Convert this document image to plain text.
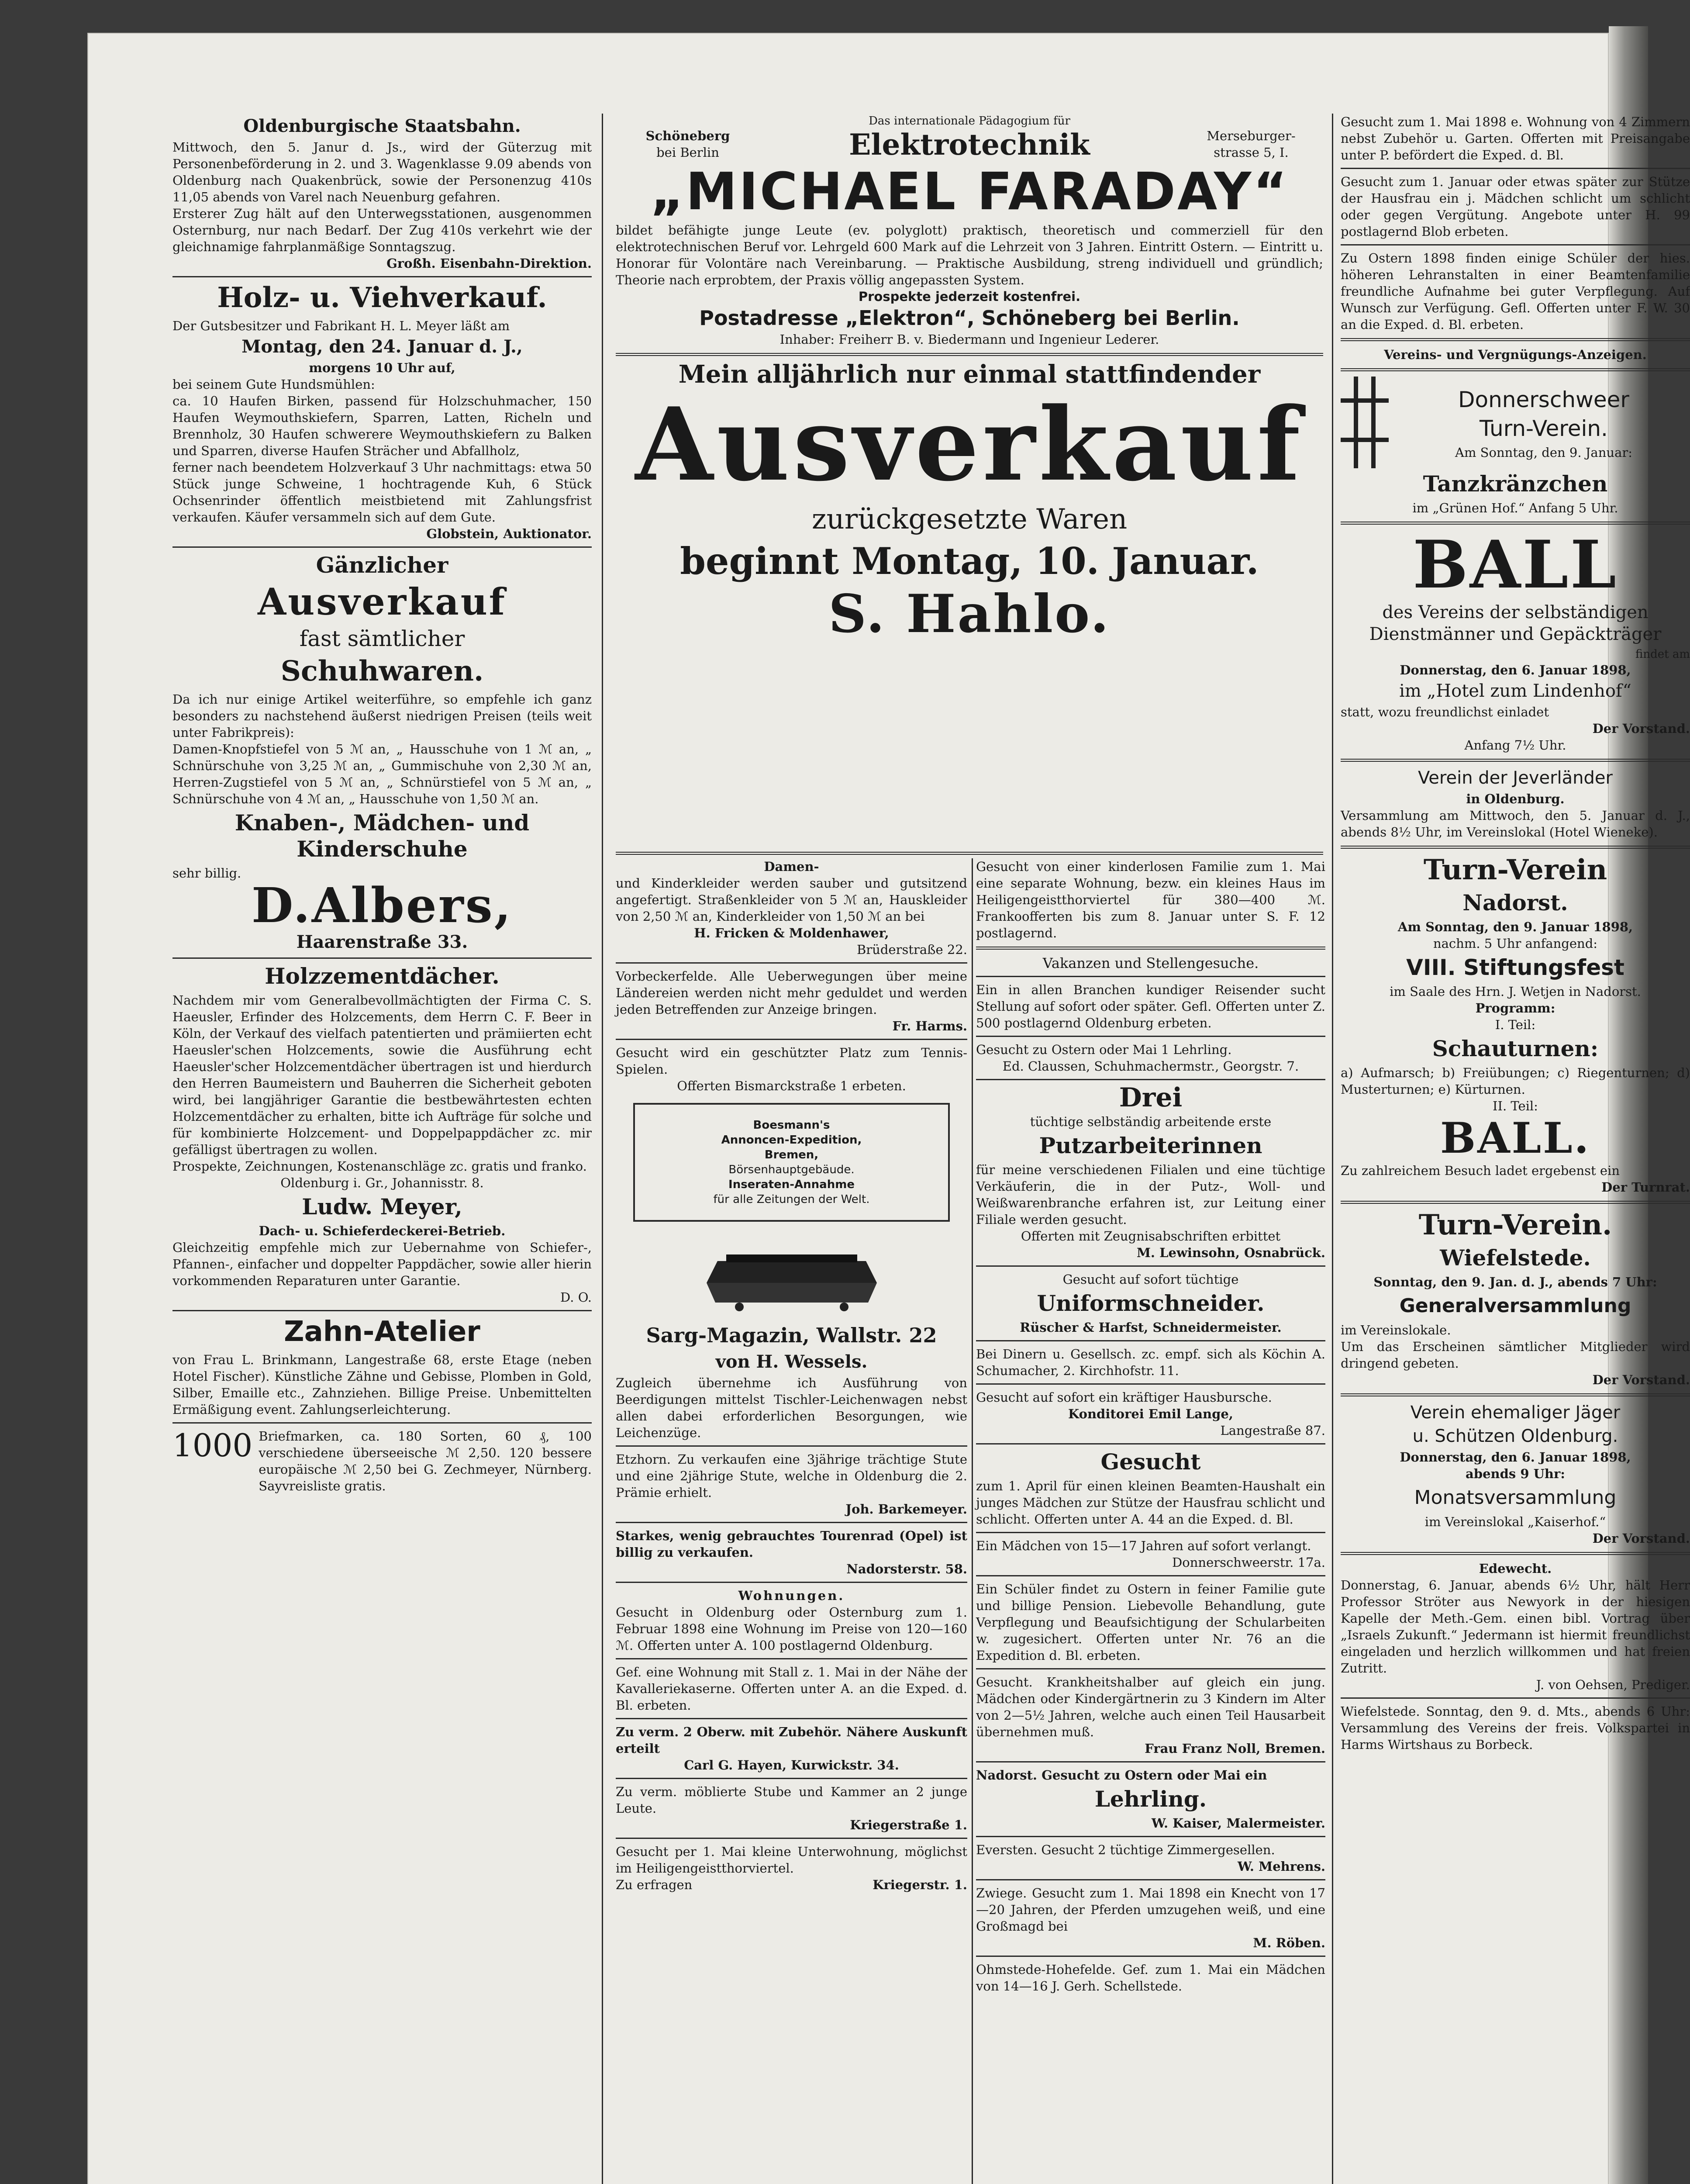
Oldenburgische Staatsbahn.

Mittwoch, den 5. Janur d. Js., wird der Güterzug mit Personenbeförderung in 2. und 3. Wagenklasse 9.09 abends von Oldenburg nach Quakenbrück, sowie der Personenzug 410s 11,05 abends von Varel nach Neuenburg gefahren.

Ersterer Zug hält auf den Unterwegsstationen, ausgenommen Osternburg, nur nach Bedarf. Der Zug 410s verkehrt wie der gleichnamige fahrplanmäßige Sonntagszug.

Großh. Eisenbahn-Direktion.

Holz- u. Viehverkauf.

Der Gutsbesitzer und Fabrikant H. L. Meyer läßt am

Montag, den 24. Januar d. J.,

morgens 10 Uhr auf,

bei seinem Gute Hundsmühlen:

ca. 10 Haufen Birken, passend für Holzschuhmacher, 150 Haufen Weymouthskiefern, Sparren, Latten, Richeln und Brennholz, 30 Haufen schwerere Weymouthskiefern zu Balken und Sparren, diverse Haufen Strächer und Abfallholz,

ferner nach beendetem Holzverkauf 3 Uhr nachmittags: etwa 50 Stück junge Schweine, 1 hochtragende Kuh, 6 Stück Ochsenrinder öffentlich meistbietend mit Zahlungsfrist verkaufen. Käufer versammeln sich auf dem Gute.

Globstein, Auktionator.

Gänzlicher

Ausverkauf

fast sämtlicher

Schuhwaren.

Da ich nur einige Artikel weiterführe, so empfehle ich ganz besonders zu nachstehend äußerst niedrigen Preisen (teils weit unter Fabrikpreis):

Damen-Knopfstiefel von 5 ℳ an, „ Hausschuhe von 1 ℳ an, „ Schnürschuhe von 3,25 ℳ an, „ Gummischuhe von 2,30 ℳ an, Herren-Zugstiefel von 5 ℳ an, „ Schnürstiefel von 5 ℳ an, „ Schnürschuhe von 4 ℳ an, „ Hausschuhe von 1,50 ℳ an.

Knaben-, Mädchen- und Kinderschuhe

sehr billig.

D.Albers,

Haarenstraße 33.

Holzzementdächer.

Nachdem mir vom Generalbevollmächtigten der Firma C. S. Haeusler, Erfinder des Holzcements, dem Herrn C. F. Beer in Köln, der Verkauf des vielfach patentierten und prämiierten echt Haeusler'schen Holzcements, sowie die Ausführung echt Haeusler'scher Holzcementdächer übertragen ist und hierdurch den Herren Baumeistern und Bauherren die Sicherheit geboten wird, bei langjähriger Garantie die bestbewährtesten echten Holzcementdächer zu erhalten, bitte ich Aufträge für solche und für kombinierte Holzcement- und Doppelpappdächer zc. mir gefälligst übertragen zu wollen.

Prospekte, Zeichnungen, Kostenanschläge zc. gratis und franko.

Oldenburg i. Gr., Johannisstr. 8.

Ludw. Meyer,

Dach- u. Schieferdeckerei-Betrieb.

Gleichzeitig empfehle mich zur Uebernahme von Schiefer-, Pfannen-, einfacher und doppelter Pappdächer, sowie aller hierin vorkommenden Reparaturen unter Garantie.

D. O.

Zahn-Atelier

von Frau L. Brinkmann, Langestraße 68, erste Etage (neben Hotel Fischer). Künstliche Zähne und Gebisse, Plomben in Gold, Silber, Emaille etc., Zahnziehen. Billige Preise. Unbemittelten Ermäßigung event. Zahlungserleichterung.

1000 Briefmarken, ca. 180 Sorten, 60 ₰, 100 verschiedene überseeische ℳ 2,50. 120 bessere europäische ℳ 2,50 bei G. Zechmeyer, Nürnberg. Sayvreisliste gratis.

Schöneberg

bei Berlin

Das internationale Pädagogium für

Elektrotechnik	Merseburger-

strasse 5, I.

„MICHAEL FARADAY“

bildet befähigte junge Leute (ev. polyglott) praktisch, theoretisch und commerziell für den elektrotechnischen Beruf vor. Lehrgeld 600 Mark auf die Lehrzeit von 3 Jahren. Eintritt Ostern. — Eintritt u. Honorar für Volontäre nach Vereinbarung. — Praktische Ausbildung, streng individuell und gründlich; Theorie nach erprobtem, der Praxis völlig angepassten System.

Prospekte jederzeit kostenfrei.

Postadresse „Elektron“, Schöneberg bei Berlin.

Inhaber: Freiherr B. v. Biedermann und Ingenieur Lederer.

Mein alljährlich nur einmal stattfindender

Ausverkauf

zurückgesetzte Waren

beginnt Montag, 10. Januar.

S. Hahlo.

Damen-

und Kinderkleider werden sauber und gutsitzend angefertigt. Straßenkleider von 5 ℳ an, Hauskleider von 2,50 ℳ an, Kinderkleider von 1,50 ℳ an bei

H. Fricken & Moldenhawer,

Brüderstraße 22.

Vorbeckerfelde. Alle Ueberwegungen über meine Ländereien werden nicht mehr geduldet und werden jeden Betreffenden zur Anzeige bringen.

Fr. Harms.

Gesucht wird ein geschützter Platz zum Tennis-Spielen.

Offerten Bismarckstraße 1 erbeten.

Boesmann's

Annoncen-Expedition,

Bremen,

Börsenhauptgebäude.

Inseraten-Annahme

für alle Zeitungen der Welt.

Sarg-Magazin, Wallstr. 22

von H. Wessels.

Zugleich übernehme ich Ausführung von Beerdigungen mittelst Tischler-Leichenwagen nebst allen dabei erforderlichen Besorgungen, wie Leichenzüge.

Etzhorn. Zu verkaufen eine 3jährige trächtige Stute und eine 2jährige Stute, welche in Oldenburg die 2. Prämie erhielt.

Joh. Barkemeyer.

Starkes, wenig gebrauchtes Tourenrad (Opel) ist billig zu verkaufen.

Nadorsterstr. 58.

Wohnungen.

Gesucht in Oldenburg oder Osternburg zum 1. Februar 1898 eine Wohnung im Preise von 120—160 ℳ. Offerten unter A. 100 postlagernd Oldenburg.

Gef. eine Wohnung mit Stall z. 1. Mai in der Nähe der Kavalleriekaserne. Offerten unter A. an die Exped. d. Bl. erbeten.

Zu verm. 2 Oberw. mit Zubehör. Nähere Auskunft erteilt

Carl G. Hayen, Kurwickstr. 34.

Zu verm. möblierte Stube und Kammer an 2 junge Leute.

Kriegerstraße 1.

Gesucht per 1. Mai kleine Unterwohnung, möglichst im Heiligengeistthorviertel.

Zu erfragen	Kriegerstr. 1.

Gesucht von einer kinderlosen Familie zum 1. Mai eine separate Wohnung, bezw. ein kleines Haus im Heiligengeistthorviertel für 380—400 ℳ. Frankoofferten bis zum 8. Januar unter S. F. 12 postlagernd.

Vakanzen und Stellengesuche.

Ein in allen Branchen kundiger Reisender sucht Stellung auf sofort oder später. Gefl. Offerten unter Z. 500 postlagernd Oldenburg erbeten.

Gesucht zu Ostern oder Mai 1 Lehrling.

Ed. Claussen, Schuhmachermstr., Georgstr. 7.

Drei

tüchtige selbständig arbeitende erste

Putzarbeiterinnen

für meine verschiedenen Filialen und eine tüchtige Verkäuferin, die in der Putz-, Woll- und Weißwarenbranche erfahren ist, zur Leitung einer Filiale werden gesucht.

Offerten mit Zeugnisabschriften erbittet

M. Lewinsohn, Osnabrück.

Gesucht auf sofort tüchtige

Uniformschneider.

Rüscher & Harfst, Schneidermeister.

Bei Dinern u. Gesellsch. zc. empf. sich als Köchin A. Schumacher, 2. Kirchhofstr. 11.

Gesucht auf sofort ein kräftiger Hausbursche.

Konditorei Emil Lange,

Langestraße 87.

Gesucht

zum 1. April für einen kleinen Beamten-Haushalt ein junges Mädchen zur Stütze der Hausfrau schlicht und schlicht. Offerten unter A. 44 an die Exped. d. Bl.

Ein Mädchen von 15—17 Jahren auf sofort verlangt.

Donnerschweerstr. 17a.

Ein Schüler findet zu Ostern in feiner Familie gute und billige Pension. Liebevolle Behandlung, gute Verpflegung und Beaufsichtigung der Schularbeiten w. zugesichert. Offerten unter Nr. 76 an die Expedition d. Bl. erbeten.

Gesucht. Krankheitshalber auf gleich ein jung. Mädchen oder Kindergärtnerin zu 3 Kindern im Alter von 2—5½ Jahren, welche auch einen Teil Hausarbeit übernehmen muß.

Frau Franz Noll, Bremen.

Nadorst. Gesucht zu Ostern oder Mai ein

Lehrling.

W. Kaiser, Malermeister.

Eversten. Gesucht 2 tüchtige Zimmergesellen.

W. Mehrens.

Zwiege. Gesucht zum 1. Mai 1898 ein Knecht von 17—20 Jahren, der Pferden umzugehen weiß, und eine Großmagd bei

M. Röben.

Ohmstede-Hohefelde. Gef. zum 1. Mai ein Mädchen von 14—16 J. Gerh. Schellstede.

Gesucht zum 1. Mai 1898 e. Wohnung von 4 Zimmern nebst Zubehör u. Garten. Offerten mit Preisangabe unter P. befördert die Exped. d. Bl.

Gesucht zum 1. Januar oder etwas später zur Stütze der Hausfrau ein j. Mädchen schlicht um schlicht oder gegen Vergütung. Angebote unter H. 99 postlagernd Blob erbeten.

Zu Ostern 1898 finden einige Schüler der hies. höheren Lehranstalten in einer Beamtenfamilie freundliche Aufnahme bei guter Verpflegung. Auf Wunsch zur Verfügung. Gefl. Offerten unter F. W. 30 an die Exped. d. Bl. erbeten.

Vereins- und Vergnügungs-Anzeigen.

Donnerschweer

Turn-Verein.

Am Sonntag, den 9. Januar:

Tanzkränzchen

im „Grünen Hof.“ Anfang 5 Uhr.

BALL

des Vereins der selbständigen Dienstmänner und Gepäckträger

findet am

Donnerstag, den 6. Januar 1898,

im „Hotel zum Lindenhof“

statt, wozu freundlichst einladet

Der Vorstand.

Anfang 7½ Uhr.

Verein der Jeverländer

in Oldenburg.

Versammlung am Mittwoch, den 5. Januar d. J., abends 8½ Uhr, im Vereinslokal (Hotel Wieneke).

Turn-Verein

Nadorst.

Am Sonntag, den 9. Januar 1898,

nachm. 5 Uhr anfangend:

VIII. Stiftungsfest

im Saale des Hrn. J. Wetjen in Nadorst.

Programm:

I. Teil:

Schauturnen:

a) Aufmarsch; b) Freiübungen; c) Riegenturnen; d) Musterturnen; e) Kürturnen.

II. Teil:

BALL.

Zu zahlreichem Besuch ladet ergebenst ein

Der Turnrat.

Turn-Verein.

Wiefelstede.

Sonntag, den 9. Jan. d. J., abends 7 Uhr:

Generalversammlung

im Vereinslokale.

Um das Erscheinen sämtlicher Mitglieder wird dringend gebeten.

Der Vorstand.

Verein ehemaliger Jäger

u. Schützen Oldenburg.

Donnerstag, den 6. Januar 1898,

abends 9 Uhr:

Monatsversammlung

im Vereinslokal „Kaiserhof.“

Der Vorstand.

Edewecht.

Donnerstag, 6. Januar, abends 6½ Uhr, hält Herr Professor Ströter aus Newyork in der hiesigen Kapelle der Meth.-Gem. einen bibl. Vortrag über „Israels Zukunft.“ Jedermann ist hiermit freundlichst eingeladen und herzlich willkommen und hat freien Zutritt.

J. von Oehsen, Prediger.

Wiefelstede. Sonntag, den 9. d. Mts., abends 6 Uhr: Versammlung des Vereins der freis. Volkspartei in Harms Wirtshaus zu Borbeck.
